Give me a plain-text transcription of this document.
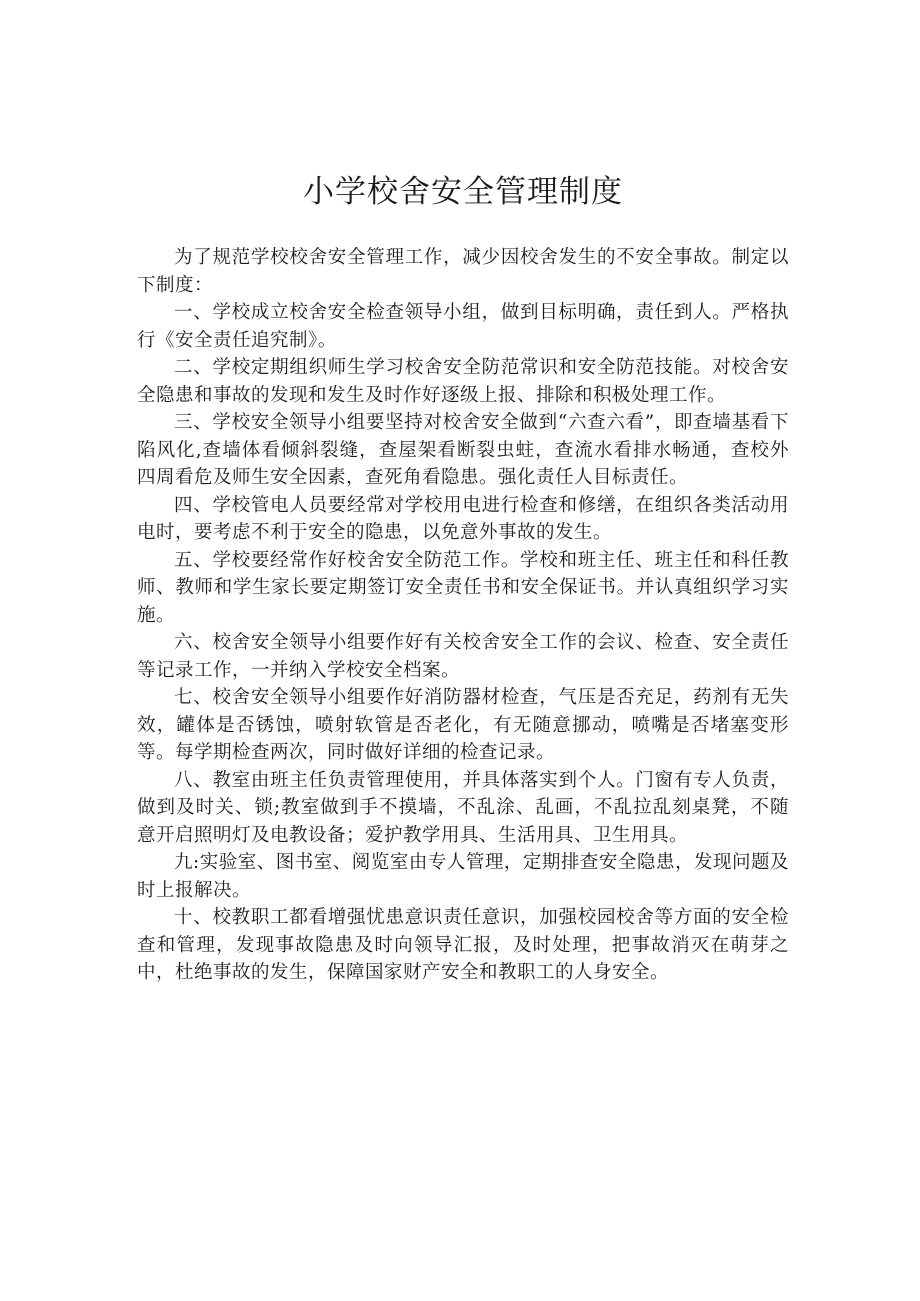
小学校舍安全管理制度

为了规范学校校舍安全管理工作，减少因校舍发生的不安全事故。制定以下制度：

一、学校成立校舍安全检查领导小组，做到目标明确，责任到人。严格执行《安全责任追究制》。

二、学校定期组织师生学习校舍安全防范常识和安全防范技能。对校舍安全隐患和事故的发现和发生及时作好逐级上报、排除和积极处理工作。

三、学校安全领导小组要坚持对校舍安全做到“六查六看”，即查墙基看下陷风化,查墙体看倾斜裂缝，查屋架看断裂虫蛀，查流水看排水畅通，查校外四周看危及师生安全因素，查死角看隐患。强化责任人目标责任。

四、学校管电人员要经常对学校用电进行检查和修缮，在组织各类活动用电时，要考虑不利于安全的隐患，以免意外事故的发生。

五、学校要经常作好校舍安全防范工作。学校和班主任、班主任和科任教师、教师和学生家长要定期签订安全责任书和安全保证书。并认真组织学习实施。

六、校舍安全领导小组要作好有关校舍安全工作的会议、检查、安全责任等记录工作，一并纳入学校安全档案。

七、校舍安全领导小组要作好消防器材检查，气压是否充足，药剂有无失效，罐体是否锈蚀，喷射软管是否老化，有无随意挪动，喷嘴是否堵塞变形等。每学期检查两次，同时做好详细的检查记录。

八、教室由班主任负责管理使用，并具体落实到个人。门窗有专人负责，做到及时关、锁;教室做到手不摸墙，不乱涂、乱画，不乱拉乱刻桌凳，不随意开启照明灯及电教设备；爱护教学用具、生活用具、卫生用具。

九:实验室、图书室、阅览室由专人管理，定期排查安全隐患，发现问题及时上报解决。

十、校教职工都看增强忧患意识责任意识，加强校园校舍等方面的安全检查和管理，发现事故隐患及时向领导汇报，及时处理，把事故消灭在萌芽之中，杜绝事故的发生，保障国家财产安全和教职工的人身安全。
